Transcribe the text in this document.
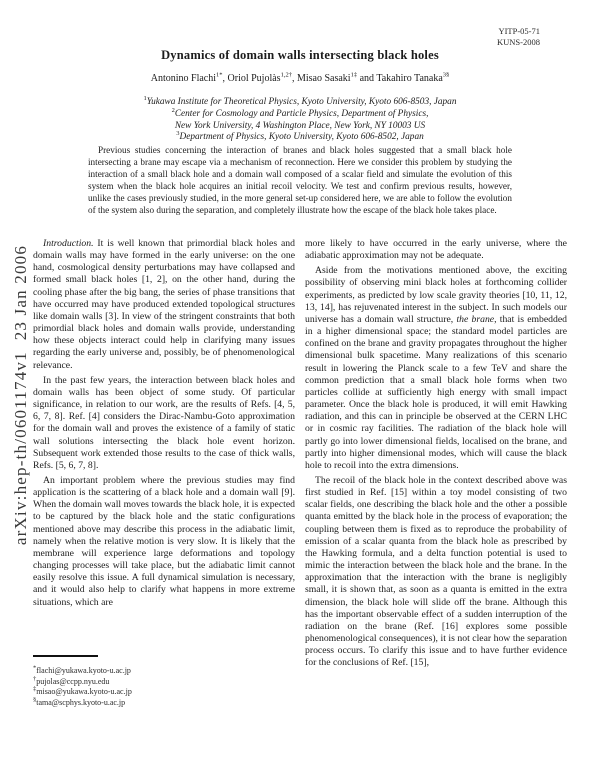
arXiv:hep-th/0601174v1  23 Jan 2006
YITP-05-71
KUNS-2008
Dynamics of domain walls intersecting black holes
Antonino Flachi$^{1*}$, Oriol Pujolàs$^{1,2\dagger}$, Misao Sasaki$^{1\ddagger}$ and Takahiro Tanaka$^{3\S}$
$^1$Yukawa Institute for Theoretical Physics, Kyoto University, Kyoto 606-8503, Japan
$^2$Center for Cosmology and Particle Physics, Department of Physics,
New York University, 4 Washington Place, New York, NY 10003 US
$^3$Department of Physics, Kyoto University, Kyoto 606-8502, Japan
Previous studies concerning the interaction of branes and black holes suggested that a small black hole intersecting a brane may escape via a mechanism of reconnection. Here we consider this problem by studying the interaction of a small black hole and a domain wall composed of a scalar field and simulate the evolution of this system when the black hole acquires an initial recoil velocity. We test and confirm previous results, however, unlike the cases previously studied, in the more general set-up considered here, we are able to follow the evolution of the system also during the separation, and completely illustrate how the escape of the black hole takes place.

Introduction. It is well known that primordial black holes and domain walls may have formed in the early universe: on the one hand, cosmological density perturbations may have collapsed and formed small black holes [1, 2], on the other hand, during the cooling phase after the big bang, the series of phase transitions that have occurred may have produced extended topological structures like domain walls [3]. In view of the stringent constraints that both primordial black holes and domain walls provide, understanding how these objects interact could help in clarifying many issues regarding the early universe and, possibly, be of phenomenological relevance.

In the past few years, the interaction between black holes and domain walls has been object of some study. Of particular significance, in relation to our work, are the results of Refs. [4, 5, 6, 7, 8]. Ref. [4] considers the Dirac-Nambu-Goto approximation for the domain wall and proves the existence of a family of static wall solutions intersecting the black hole event horizon. Subsequent work extended those results to the case of thick walls, Refs. [5, 6, 7, 8].

An important problem where the previous studies may find application is the scattering of a black hole and a domain wall [9]. When the domain wall moves towards the black hole, it is expected to be captured by the black hole and the static configurations mentioned above may describe this process in the adiabatic limit, namely when the relative motion is very slow. It is likely that the membrane will experience large deformations and topology changing processes will take place, but the adiabatic limit cannot easily resolve this issue. A full dynamical simulation is necessary, and it would also help to clarify what happens in more extreme situations, which are

more likely to have occurred in the early universe, where the adiabatic approximation may not be adequate.

Aside from the motivations mentioned above, the exciting possibility of observing mini black holes at forthcoming collider experiments, as predicted by low scale gravity theories [10, 11, 12, 13, 14], has rejuvenated interest in the subject. In such models our universe has a domain wall structure, the brane, that is embedded in a higher dimensional space; the standard model particles are confined on the brane and gravity propagates throughout the higher dimensional bulk spacetime. Many realizations of this scenario result in lowering the Planck scale to a few TeV and share the common prediction that a small black hole forms when two particles collide at sufficiently high energy with small impact parameter. Once the black hole is produced, it will emit Hawking radiation, and this can in principle be observed at the CERN LHC or in cosmic ray facilities. The radiation of the black hole will partly go into lower dimensional fields, localised on the brane, and partly into higher dimensional modes, which will cause the black hole to recoil into the extra dimensions.

The recoil of the black hole in the context described above was first studied in Ref. [15] within a toy model consisting of two scalar fields, one describing the black hole and the other a possible quanta emitted by the black hole in the process of evaporation; the coupling between them is fixed as to reproduce the probability of emission of a scalar quanta from the black hole as prescribed by the Hawking formula, and a delta function potential is used to mimic the interaction between the black hole and the brane. In the approximation that the interaction with the brane is negligibly small, it is shown that, as soon as a quanta is emitted in the extra dimension, the black hole will slide off the brane. Although this has the important observable effect of a sudden interruption of the radiation on the brane (Ref. [16] explores some possible phenomenological consequences), it is not clear how the separation process occurs. To clarify this issue and to have further evidence for the conclusions of Ref. [15],

*flachi@yukawa.kyoto-u.ac.jp
†pujolas@ccpp.nyu.edu
‡misao@yukawa.kyoto-u.ac.jp
§tama@scphys.kyoto-u.ac.jp
